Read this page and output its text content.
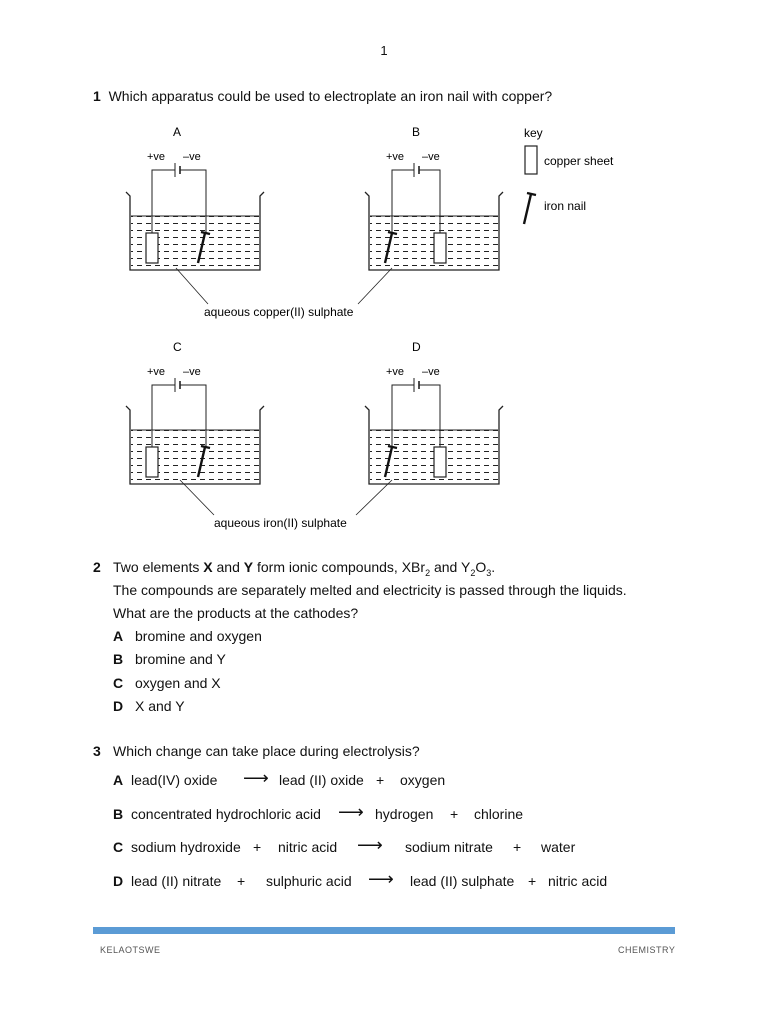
1
1 Which apparatus could be used to electroplate an iron nail with copper?
A
+ve –ve
B
+ve –ve
key
copper sheet
iron nail
aqueous copper(II) sulphate
C
+ve –ve
D
+ve –ve
aqueous iron(II) sulphate
2 Two elements X and Y form ionic compounds, XBr$_2$ and $Y_2O_3$.
The compounds are separately melted and electricity is passed through the liquids.
What are the products at the cathodes?
A bromine and oxygen
B bromine and Y
C oxygen and X
D X and Y
3 Which change can take place during electrolysis?
A lead(IV) oxide ⟶ lead (II) oxide + oxygen
B concentrated hydrochloric acid ⟶ hydrogen + chlorine
C sodium hydroxide + nitric acid ⟶ sodium nitrate + water
D lead (II) nitrate + sulphuric acid ⟶ lead (II) sulphate + nitric acid
KELAOTSWE	CHEMISTRY
